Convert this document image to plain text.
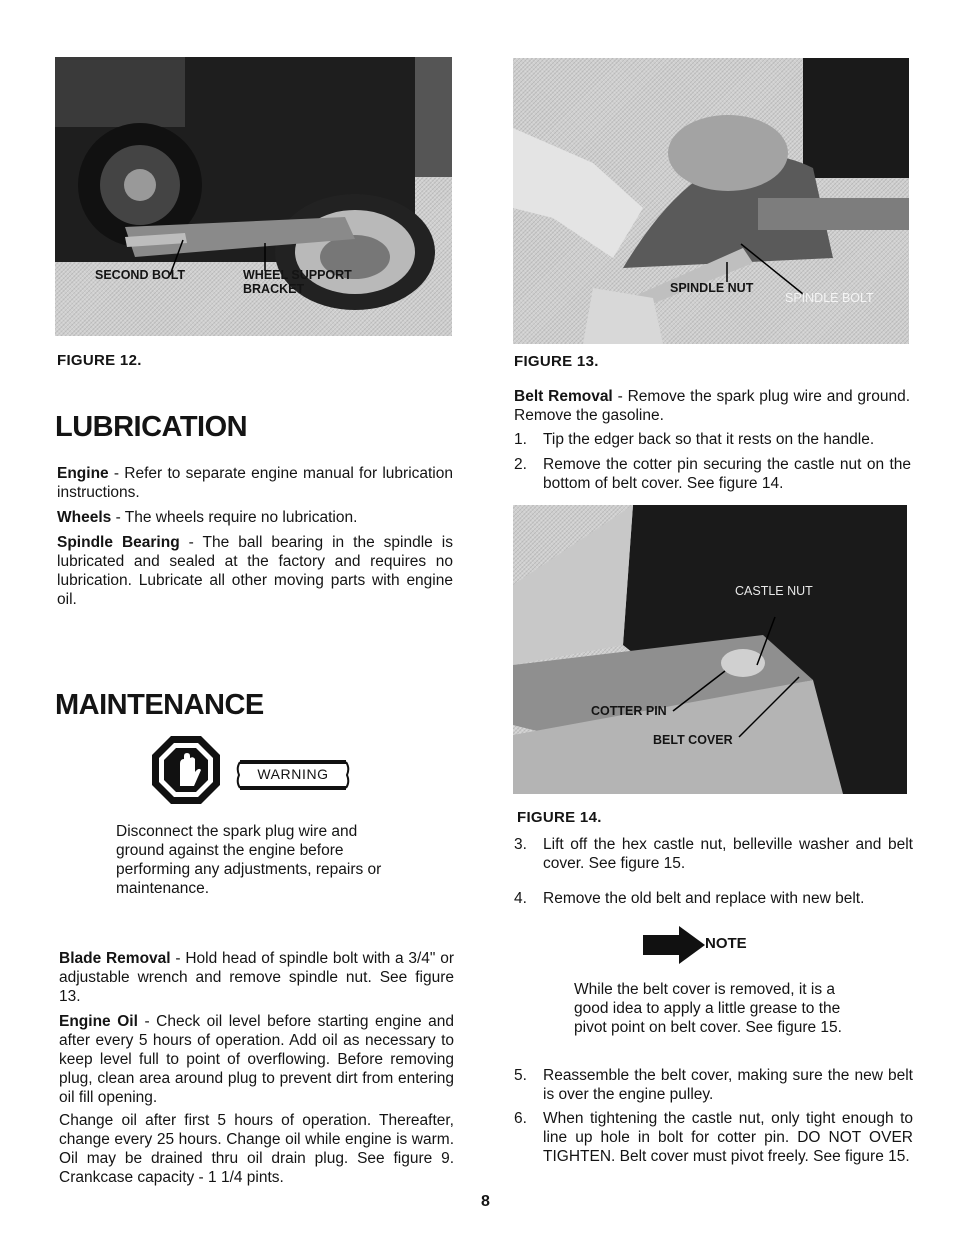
SECOND BOLT	WHEEL SUPPORT
BRACKET
FIGURE 12.
SPINDLE NUT
SPINDLE BOLT
FIGURE 13.

Belt Removal - Remove the spark plug wire and ground. Remove the gasoline.

1. Tip the edger back so that it rests on the handle.
2. Remove the cotter pin securing the castle nut on the bottom of belt cover. See figure 14.
CASTLE NUT
COTTER PIN
BELT COVER
FIGURE 14.
3. Lift off the hex castle nut, belleville washer and belt cover. See figure 15.
4. Remove the old belt and replace with new belt.
NOTE

While the belt cover is removed, it is a good idea to apply a little grease to the pivot point on belt cover. See figure 15.

5. Reassemble the belt cover, making sure the new belt is over the engine pulley.
6. When tightening the castle nut, only tight enough to line up hole in bolt for cotter pin. DO NOT OVER TIGHTEN. Belt cover must pivot freely. See figure 15.
LUBRICATION

Engine - Refer to separate engine manual for lubrication instructions.

Wheels - The wheels require no lubrication.

Spindle Bearing - The ball bearing in the spindle is lubricated and sealed at the factory and requires no lubrication. Lubricate all other moving parts with engine oil.

MAINTENANCE
WARNING

Disconnect the spark plug wire and ground against the engine before performing any adjustments, repairs or maintenance.

Blade Removal - Hold head of spindle bolt with a 3/4" or adjustable wrench and remove spindle nut. See figure 13.

Engine Oil - Check oil level before starting engine and after every 5 hours of operation. Add oil as necessary to keep level full to point of overflowing. Before removing plug, clean area around plug to prevent dirt from entering oil fill opening.

Change oil after first 5 hours of operation. Thereafter, change every 25 hours. Change oil while engine is warm. Oil may be drained thru oil drain plug. See figure 9. Crankcase capacity - 1 1/4 pints.

8
